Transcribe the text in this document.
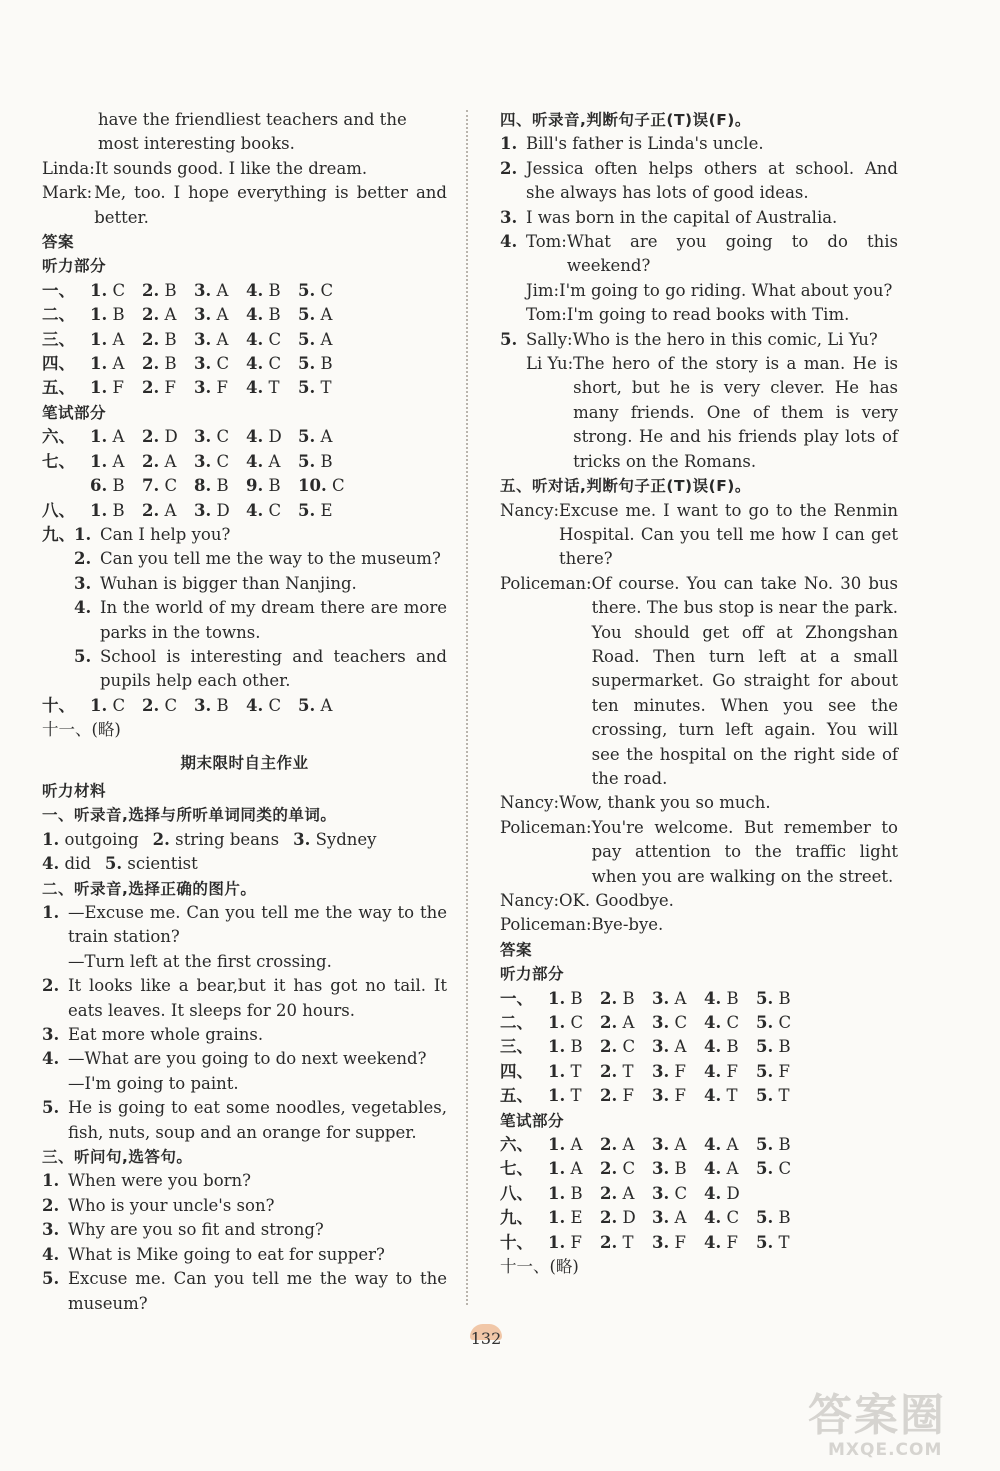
have the friendliest teachers and the
most interesting books.
Linda: It sounds good. I like the dream.
Mark: Me, too. I hope everything is better and better.
答案
听力部分
一、 1. C	2. B	3. A	4. B	5. C
二、 1. B	2. A	3. A	4. B	5. A
三、 1. A	2. B	3. A	4. C	5. A
四、 1. A	2. B	3. C	4. C	5. B
五、 1. F	2. F	3. F	4. T	5. T
笔试部分
六、 1. A	2. D 3. C	4. D 5. A
七、 1. A	2. A	3. C	4. A	5. B
6. B	7. C	8. B	9. B	10. C
八、 1. B	2. A	3. D 4. C	5. E
九、 1. Can I help you?
2. Can you tell me the way to the museum?
3. Wuhan is bigger than Nanjing.
4. In the world of my dream there are more parks in the towns.
5. School is interesting and teachers and pupils help each other.
十、 1. C	2. C	3. B	4. C	5. A
十一、(略)
期末限时自主作业
听力材料
一、听录音,选择与所听单词同类的单词。
1. outgoing 2. string beans 3. Sydney
4. did 5. scientist
二、听录音,选择正确的图片。
1. —Excuse me. Can you tell me the way to the train station?
—Turn left at the first crossing.
2. It looks like a bear,but it has got no tail. It eats leaves. It sleeps for 20 hours.
3. Eat more whole grains.
4. —What are you going to do next weekend?
—I'm going to paint.
5. He is going to eat some noodles, vegetables, fish, nuts, soup and an orange for supper.
三、听问句,选答句。
1. When were you born?
2. Who is your uncle's son?
3. Why are you so fit and strong?
4. What is Mike going to eat for supper?
5. Excuse me. Can you tell me the way to the museum?
四、听录音,判断句子正(T)误(F)。
1. Bill's father is Linda's uncle.
2. Jessica often helps others at school. And she always has lots of good ideas.
3. I was born in the capital of Australia.
4. Tom: What are you going to do this weekend?
Jim: I'm going to go riding. What about you?
Tom: I'm going to read books with Tim.
5. Sally: Who is the hero in this comic, Li Yu?
Li Yu: The hero of the story is a man. He is short, but he is very clever. He has many friends. One of them is very strong. He and his friends play lots of tricks on the Romans.
五、听对话,判断句子正(T)误(F)。
Nancy: Excuse me. I want to go to the Renmin Hospital. Can you tell me how I can get there?
Policeman: Of course. You can take No. 30 bus there. The bus stop is near the park. You should get off at Zhongshan Road. Then turn left at a small supermarket. Go straight for about ten minutes. When you see the crossing, turn left again. You will see the hospital on the right side of the road.
Nancy: Wow, thank you so much.
Policeman: You're welcome. But remember to pay attention to the traffic light when you are walking on the street.
Nancy: OK. Goodbye.
Policeman: Bye-bye.
答案
听力部分
一、 1. B	2. B	3. A	4. B	5. B
二、 1. C	2. A	3. C	4. C	5. C
三、 1. B	2. C	3. A	4. B	5. B
四、 1. T	2. T	3. F	4. F	5. F
五、 1. T	2. F	3. F	4. T	5. T
笔试部分
六、 1. A	2. A	3. A	4. A	5. B
七、 1. A	2. C	3. B	4. A	5. C
八、 1. B	2. A	3. C	4. D
九、 1. E	2. D 3. A	4. C	5. B
十、 1. F	2. T	3. F	4. F	5. T
十一、(略)
132
答案圈
MXQE.COM
